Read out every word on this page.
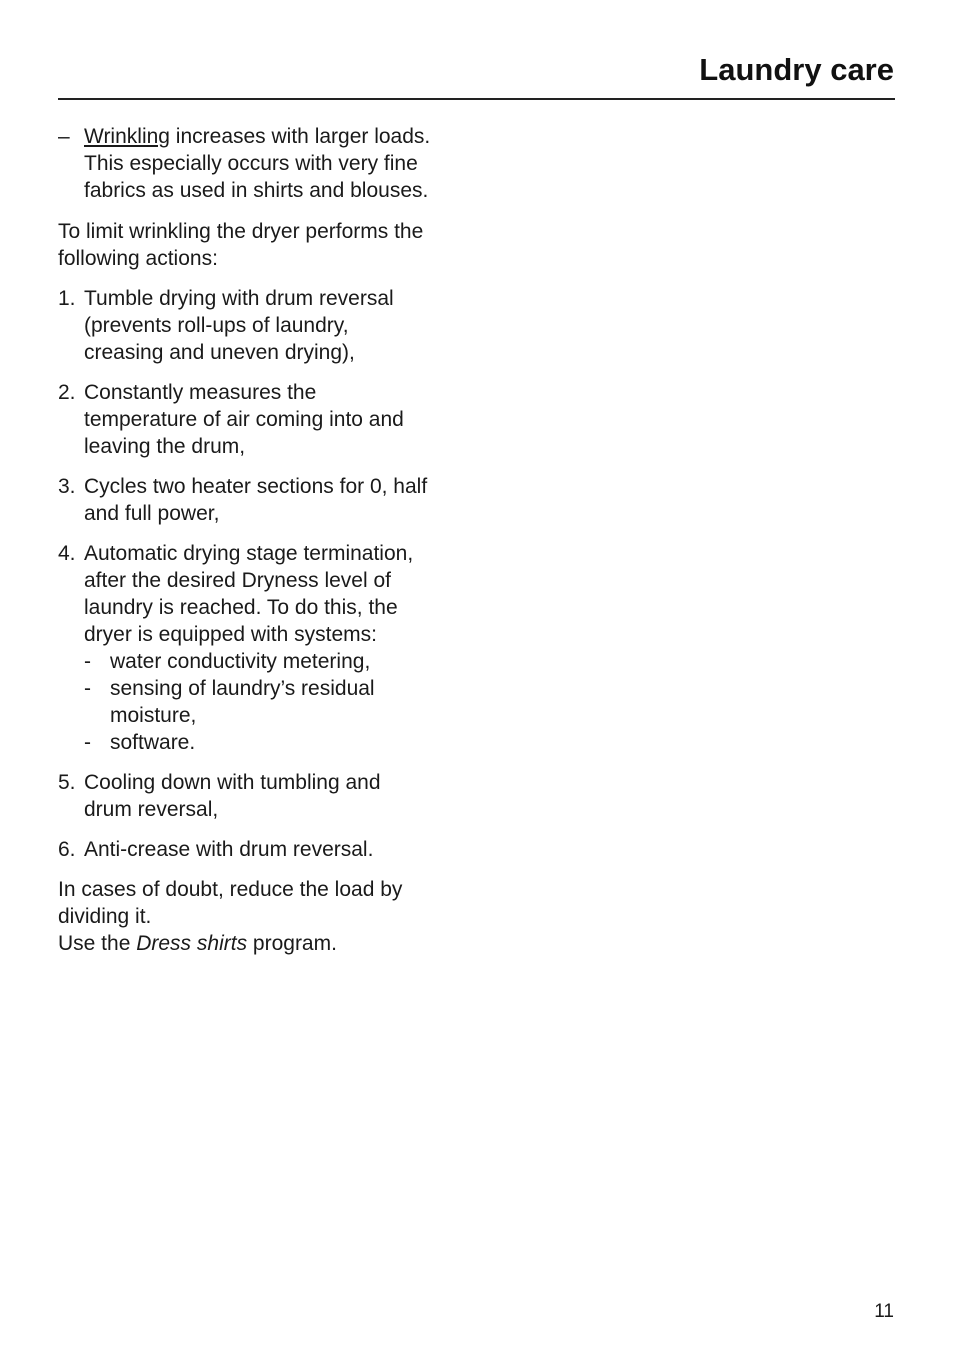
Laundry care
– Wrinkling increases with larger loads.
This especially occurs with very fine
fabrics as used in shirts and blouses.
To limit wrinkling the dryer performs the
following actions:
1. Tumble drying with drum reversal
(prevents roll-ups of laundry,
creasing and uneven drying),
2. Constantly measures the
temperature of air coming into and
leaving the drum,
3. Cycles two heater sections for 0, half
and full power,
4. Automatic drying stage termination,
after the desired Dryness level of
laundry is reached. To do this, the
dryer is equipped with systems:
- water conductivity metering,
- sensing of laundry’s residual
moisture,
- software.
5. Cooling down with tumbling and
drum reversal,
6. Anti-crease with drum reversal.
In cases of doubt, reduce the load by
dividing it.
Use the Dress shirts program.
11
